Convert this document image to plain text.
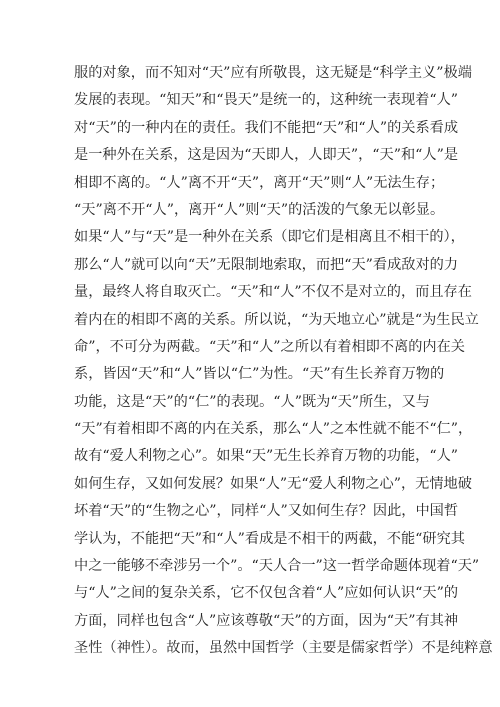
服的对象，而不知对“天”应有所敬畏，这无疑是“科学主义”极端
发展的表现。“知天”和“畏天”是统一的，这种统一表现着“人”
对“天”的一种内在的责任。我们不能把“天”和“人”的关系看成
是一种外在关系，这是因为“天即人，人即天”，“天”和“人”是
相即不离的。“人”离不开“天”，离开“天”则“人”无法生存；
“天”离不开“人”，离开“人”则“天”的活泼的气象无以彰显。
如果“人”与“天”是一种外在关系（即它们是相离且不相干的），
那么“人”就可以向“天”无限制地索取，而把“天”看成敌对的力
量，最终人将自取灭亡。“天”和“人”不仅不是对立的，而且存在
着内在的相即不离的关系。所以说，“为天地立心”就是“为生民立
命”，不可分为两截。“天”和“人”之所以有着相即不离的内在关
系，皆因“天”和“人”皆以“仁”为性。“天”有生长养育万物的
功能，这是“天”的“仁”的表现。“人”既为“天”所生，又与
“天”有着相即不离的内在关系，那么“人”之本性就不能不“仁”，
故有“爱人利物之心”。如果“天”无生长养育万物的功能，“人”
如何生存，又如何发展？如果“人”无“爱人利物之心”，无情地破
坏着“天”的“生物之心”，同样“人”又如何生存？因此，中国哲
学认为，不能把“天”和“人”看成是不相干的两截，不能“研究其
中之一能够不牵涉另一个”。“天人合一”这一哲学命题体现着“天”
与“人”之间的复杂关系，它不仅包含着“人”应如何认识“天”的
方面，同样也包含“人”应该尊敬“天”的方面，因为“天”有其神
圣性（神性）。故而，虽然中国哲学（主要是儒家哲学）不是纯粹意
